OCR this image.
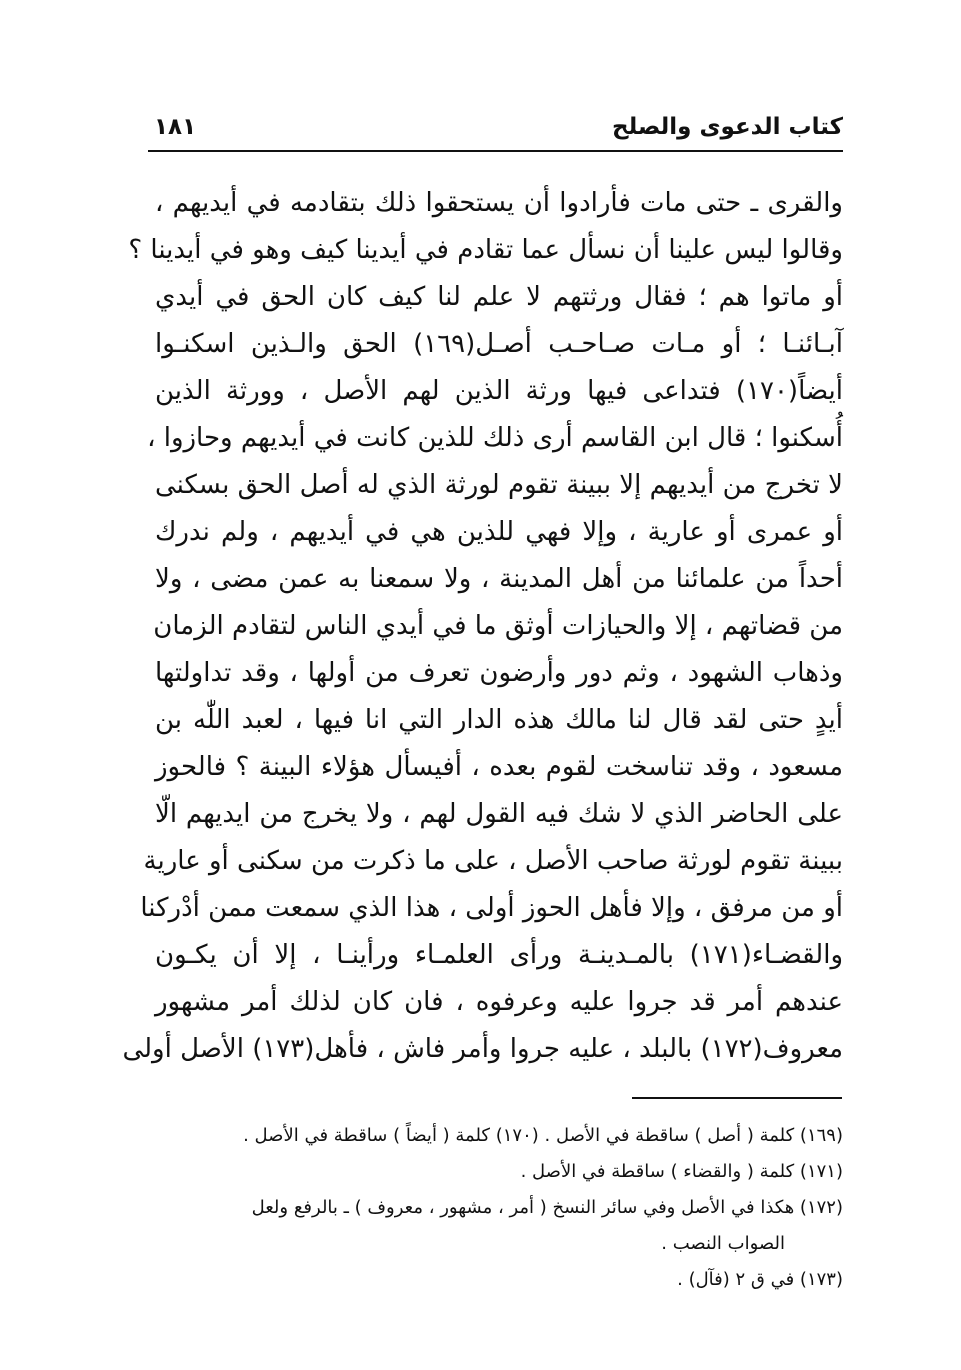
كتاب الدعوى والصلح
١٨١
والقرى ـ حتى مات فأرادوا أن يستحقوا ذلك بتقادمه في أيديهم ،
وقالوا ليس علينا أن نسأل عما تقادم في أيدينا كيف وهو في أيدينا ؟
أو ماتوا هم ؛ فقال ورثتهم لا علم لنا كيف كان الحق في أيدي
آبـائنـا ؛ أو مـات صـاحـب أصـل(١٦٩) الحق والـذين اسكنـوا
أيضاً(١٧٠) فتداعى فيها ورثة الذين لهم الأصل ، وورثة الذين
أُسكنوا ؛ قال ابن القاسم أرى ذلك للذين كانت في أيديهم وحازوا ،
لا تخرج من أيديهم إلا ببينة تقوم لورثة الذي له أصل الحق بسكنى
أو عمرى أو عارية ، وإلا فهي للذين هي في أيديهم ، ولم ندرك
أحداً من علمائنا من أهل المدينة ، ولا سمعنا به عمن مضى ، ولا
من قضاتهم ، إلا والحيازات أوثق ما في أيدي الناس لتقادم الزمان
وذهاب الشهود ، وثم دور وأرضون تعرف من أولها ، وقد تداولتها
أيدٍ حتى لقد قال لنا مالك هذه الدار التي انا فيها ، لعبد اللّٰه بن
مسعود ، وقد تناسخت لقوم بعده ، أفيسأل هؤلاء البينة ؟ فالحوز
على الحاضر الذي لا شك فيه القول لهم ، ولا يخرج من ايديهم الّا
ببينة تقوم لورثة صاحب الأصل ، على ما ذكرت من سكنى أو عارية
أو من مرفق ، وإلا فأهل الحوز أولى ، هذا الذي سمعت ممن أدْركنا
والقضـاء(١٧١) بالمـدينـة ورأى العلمـاء ورأينـا ، إلا أن يكـون
عندهم أمر قد جروا عليه وعرفوه ، فان كان لذلك أمر مشهور
معروف(١٧٢) بالبلد ، عليه جروا وأمر فاش ، فأهل(١٧٣) الأصل أولى
(١٦٩) كلمة ( أصل ) ساقطة في الأصل . (١٧٠) كلمة ( أيضاً ) ساقطة في الأصل .
(١٧١) كلمة ( والقضاء ) ساقطة في الأصل .
(١٧٢) هكذا في الأصل وفي سائر النسخ ( أمر ، مشهور ، معروف ) ـ بالرفع ولعل
الصواب النصب .
(١٧٣) في ق ٢ (فآل) .
